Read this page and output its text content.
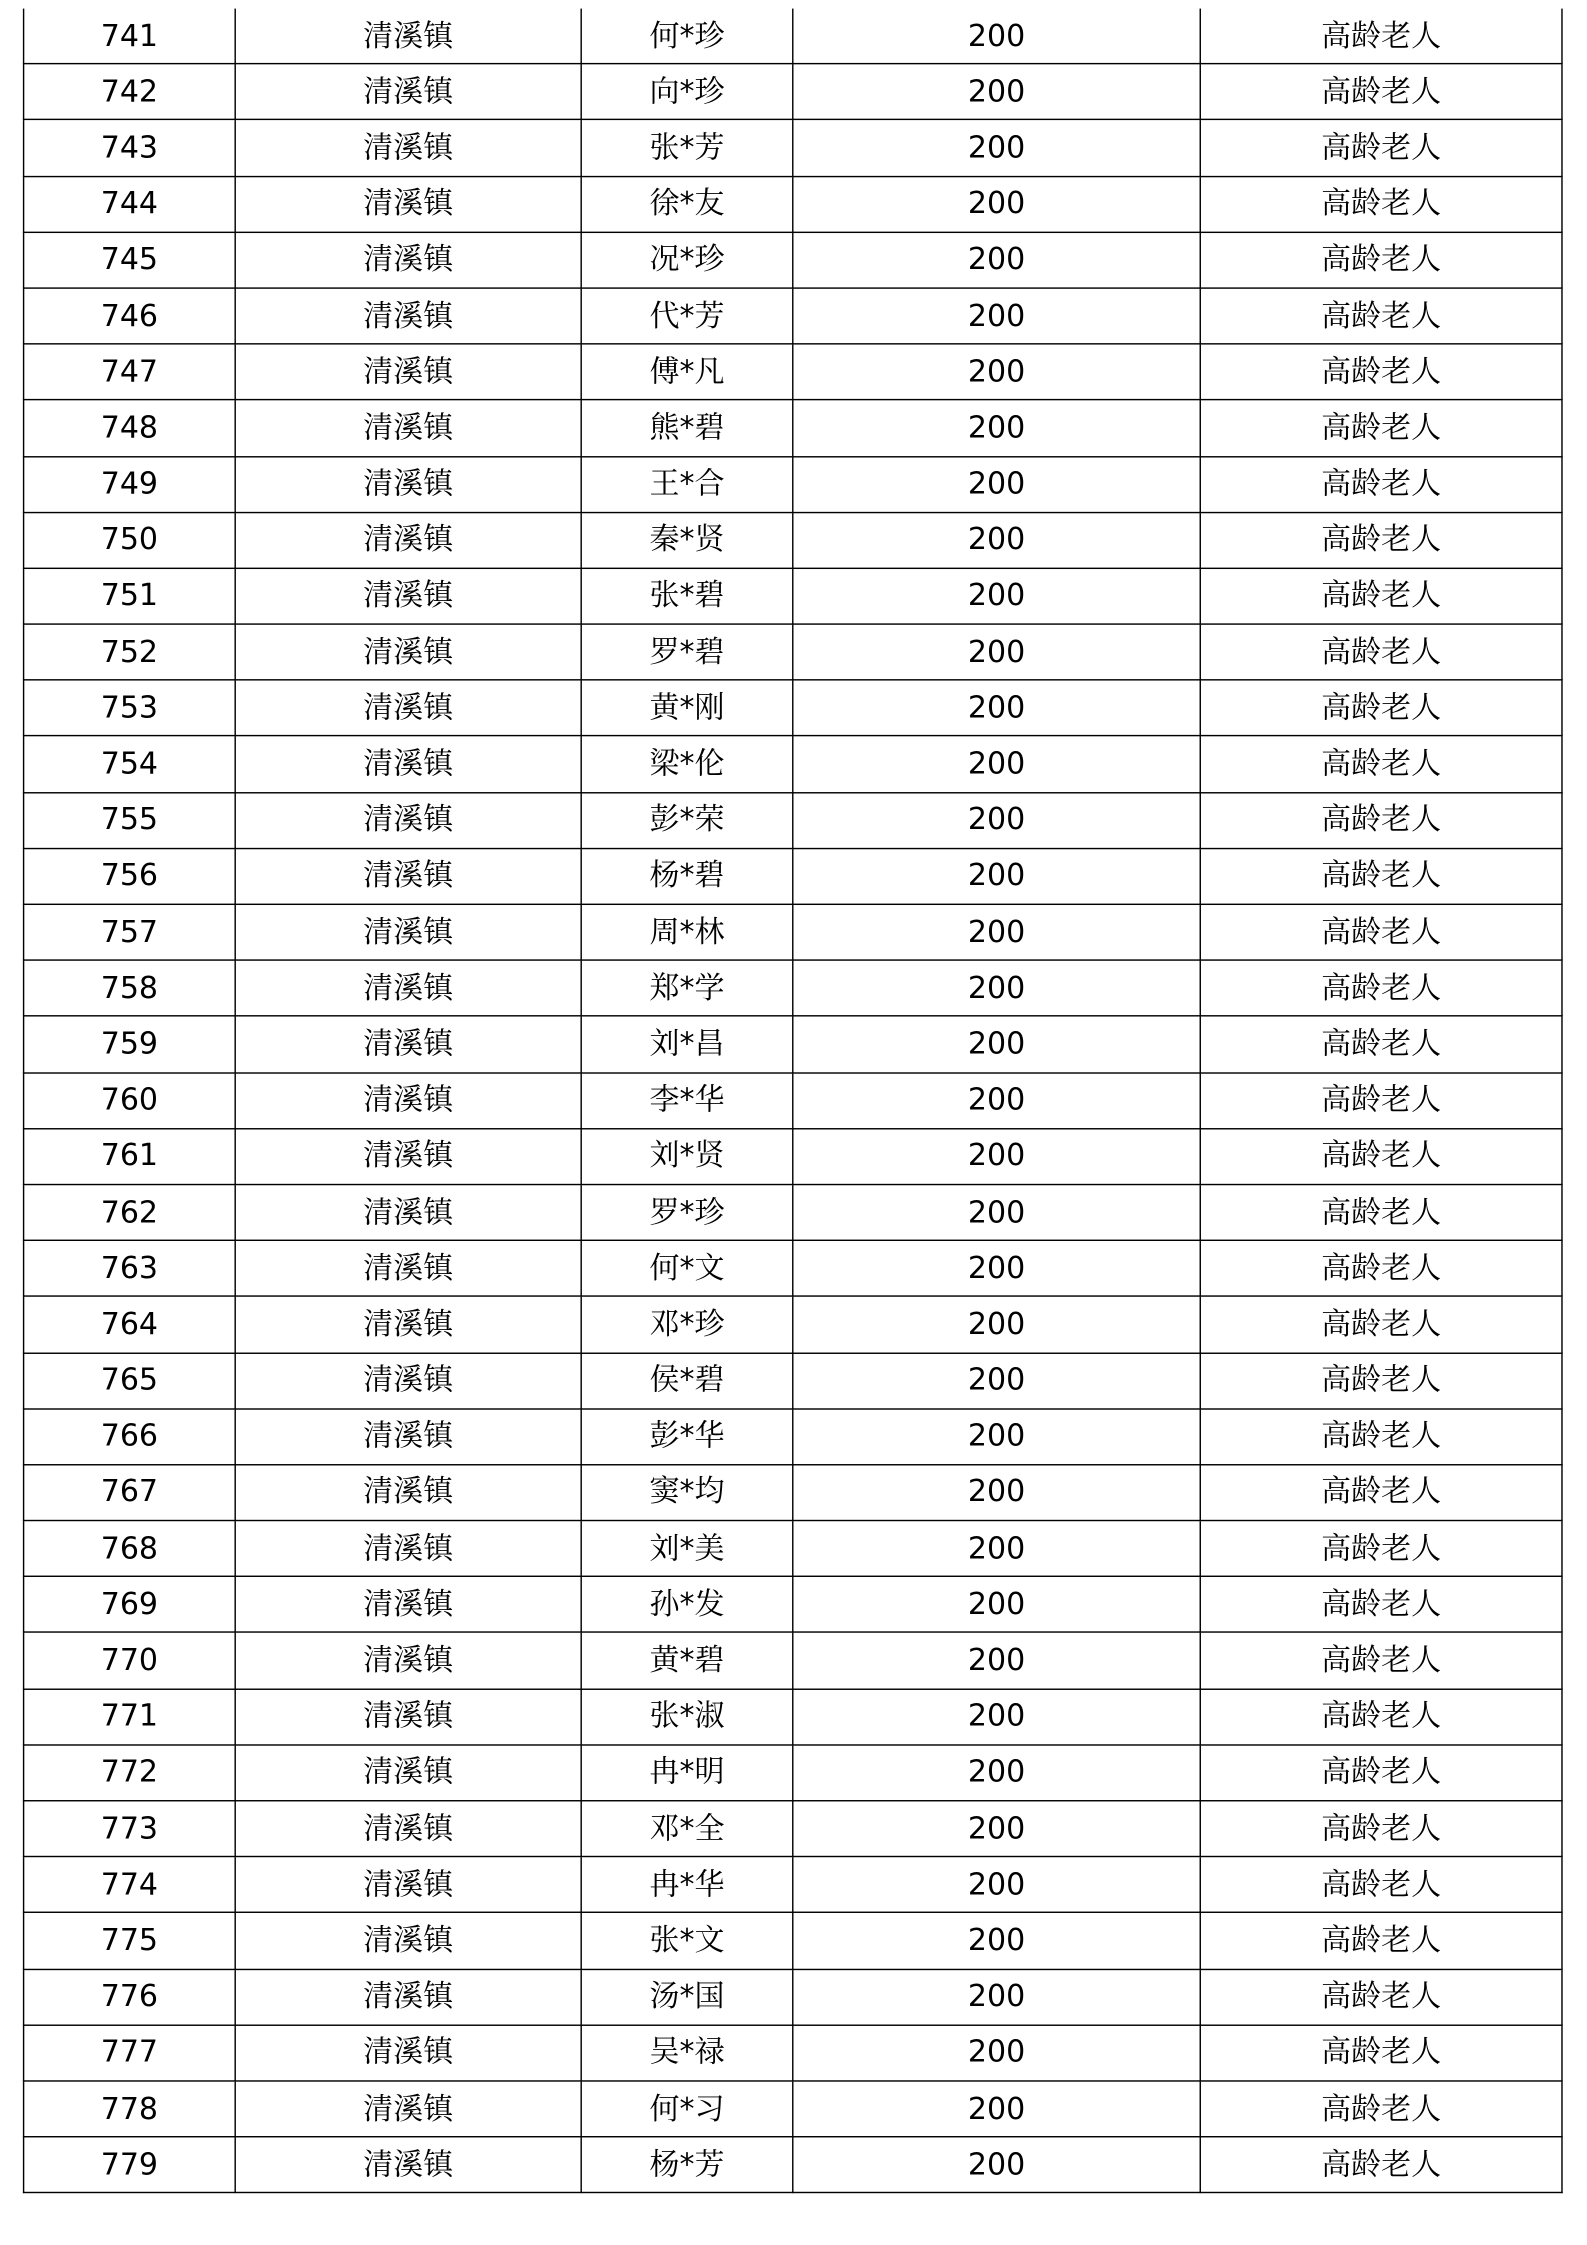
741	清溪镇	何*珍	200	高龄老人
742	清溪镇	向*珍	200	高龄老人
743	清溪镇	张*芳	200	高龄老人
744	清溪镇	徐*友	200	高龄老人
745	清溪镇	况*珍	200	高龄老人
746	清溪镇	代*芳	200	高龄老人
747	清溪镇	傅*凡	200	高龄老人
748	清溪镇	熊*碧	200	高龄老人
749	清溪镇	王*合	200	高龄老人
750	清溪镇	秦*贤	200	高龄老人
751	清溪镇	张*碧	200	高龄老人
752	清溪镇	罗*碧	200	高龄老人
753	清溪镇	黄*刚	200	高龄老人
754	清溪镇	梁*伦	200	高龄老人
755	清溪镇	彭*荣	200	高龄老人
756	清溪镇	杨*碧	200	高龄老人
757	清溪镇	周*林	200	高龄老人
758	清溪镇	郑*学	200	高龄老人
759	清溪镇	刘*昌	200	高龄老人
760	清溪镇	李*华	200	高龄老人
761	清溪镇	刘*贤	200	高龄老人
762	清溪镇	罗*珍	200	高龄老人
763	清溪镇	何*文	200	高龄老人
764	清溪镇	邓*珍	200	高龄老人
765	清溪镇	侯*碧	200	高龄老人
766	清溪镇	彭*华	200	高龄老人
767	清溪镇	窦*均	200	高龄老人
768	清溪镇	刘*美	200	高龄老人
769	清溪镇	孙*发	200	高龄老人
770	清溪镇	黄*碧	200	高龄老人
771	清溪镇	张*淑	200	高龄老人
772	清溪镇	冉*明	200	高龄老人
773	清溪镇	邓*全	200	高龄老人
774	清溪镇	冉*华	200	高龄老人
775	清溪镇	张*文	200	高龄老人
776	清溪镇	汤*国	200	高龄老人
777	清溪镇	吴*禄	200	高龄老人
778	清溪镇	何*习	200	高龄老人
779	清溪镇	杨*芳	200	高龄老人
